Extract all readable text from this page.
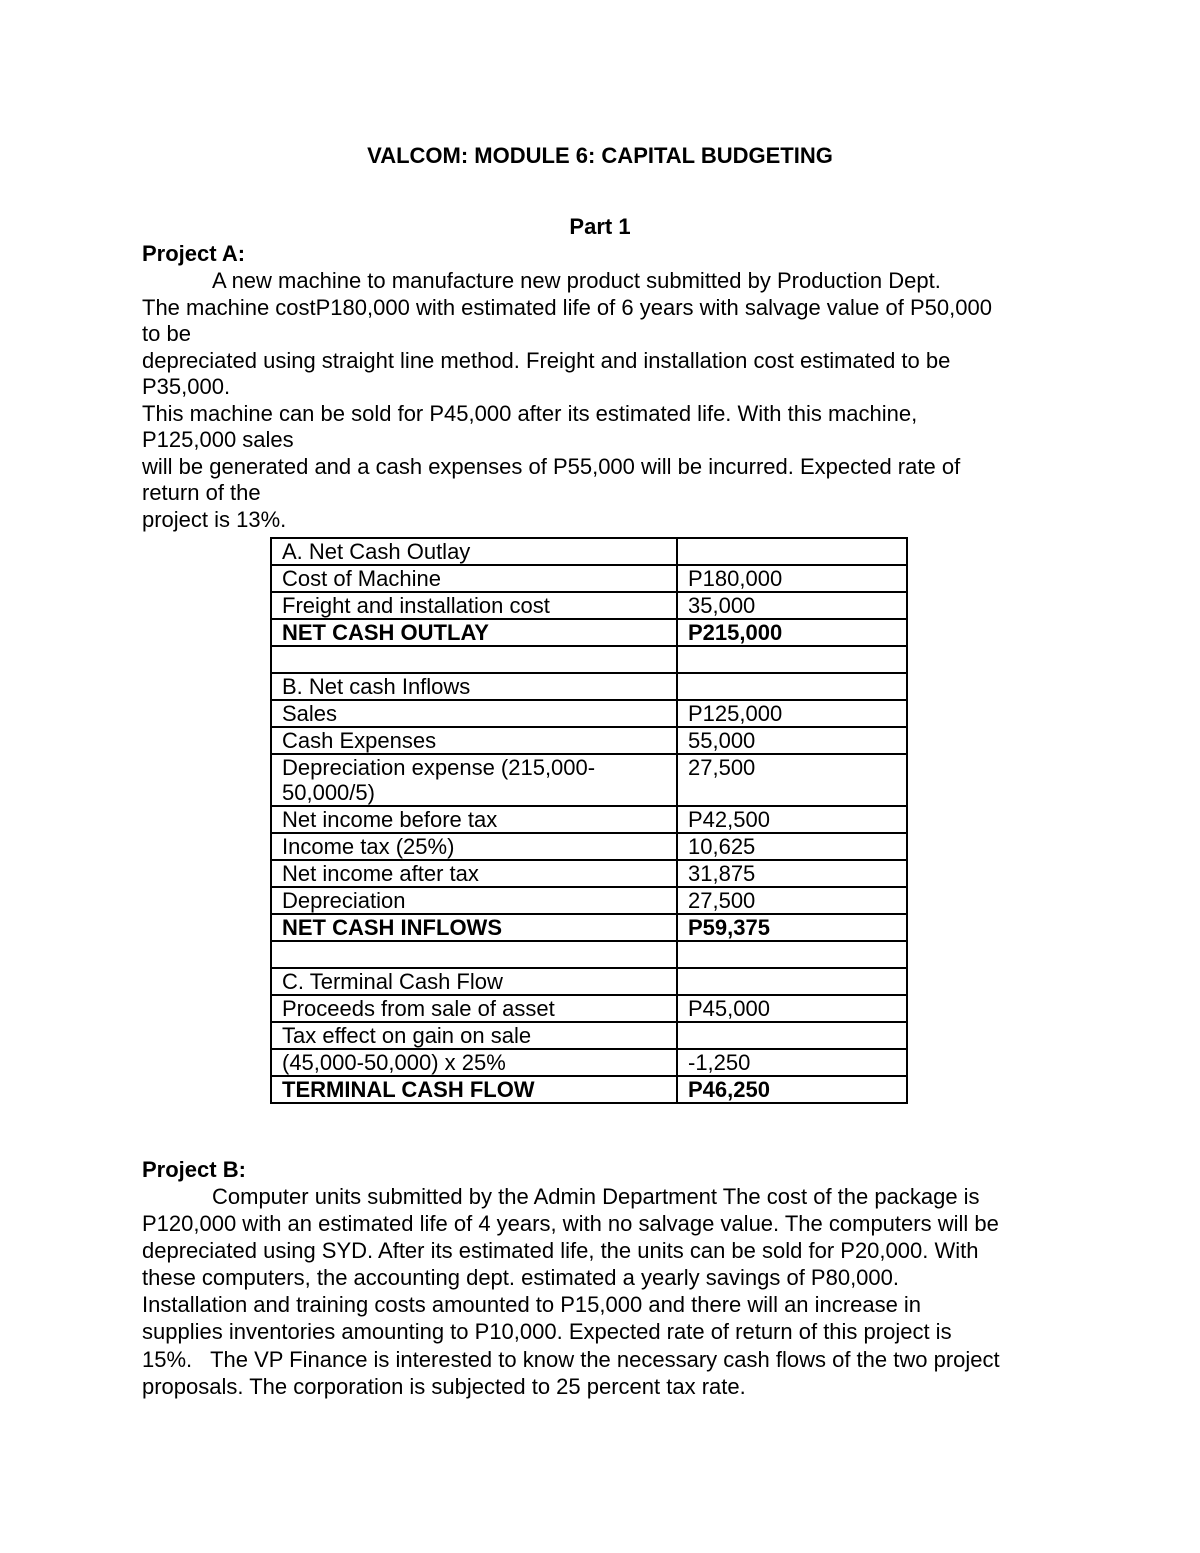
VALCOM: MODULE 6: CAPITAL BUDGETING
Part 1
Project A:
A new machine to manufacture new product submitted by Production Dept.
The machine costP180,000 with estimated life of 6 years with salvage value of P50,000
to be
depreciated using straight line method. Freight and installation cost estimated to be
P35,000.
This machine can be sold for P45,000 after its estimated life. With this machine,
P125,000 sales
will be generated and a cash expenses of P55,000 will be incurred. Expected rate of
return of the
project is 13%.
A. Net Cash Outlay	
Cost of Machine	P180,000
Freight and installation cost	35,000
NET CASH OUTLAY	P215,000

B. Net cash Inflows	
Sales	P125,000
Cash Expenses	55,000
Depreciation expense (215,000-
50,000/5)	27,500
Net income before tax	P42,500
Income tax (25%)	10,625
Net income after tax	31,875
Depreciation	27,500
NET CASH INFLOWS	P59,375

C. Terminal Cash Flow	
Proceeds from sale of asset	P45,000
Tax effect on gain on sale	
(45,000-50,000) x 25%	-1,250
TERMINAL CASH FLOW	P46,250
Project B:
Computer units submitted by the Admin Department The cost of the package is
P120,000 with an estimated life of 4 years, with no salvage value. The computers will be
depreciated using SYD. After its estimated life, the units can be sold for P20,000. With
these computers, the accounting dept. estimated a yearly savings of P80,000.
Installation and training costs amounted to P15,000 and there will an increase in
supplies inventories amounting to P10,000. Expected rate of return of this project is
15%.   The VP Finance is interested to know the necessary cash flows of the two project
proposals. The corporation is subjected to 25 percent tax rate.
